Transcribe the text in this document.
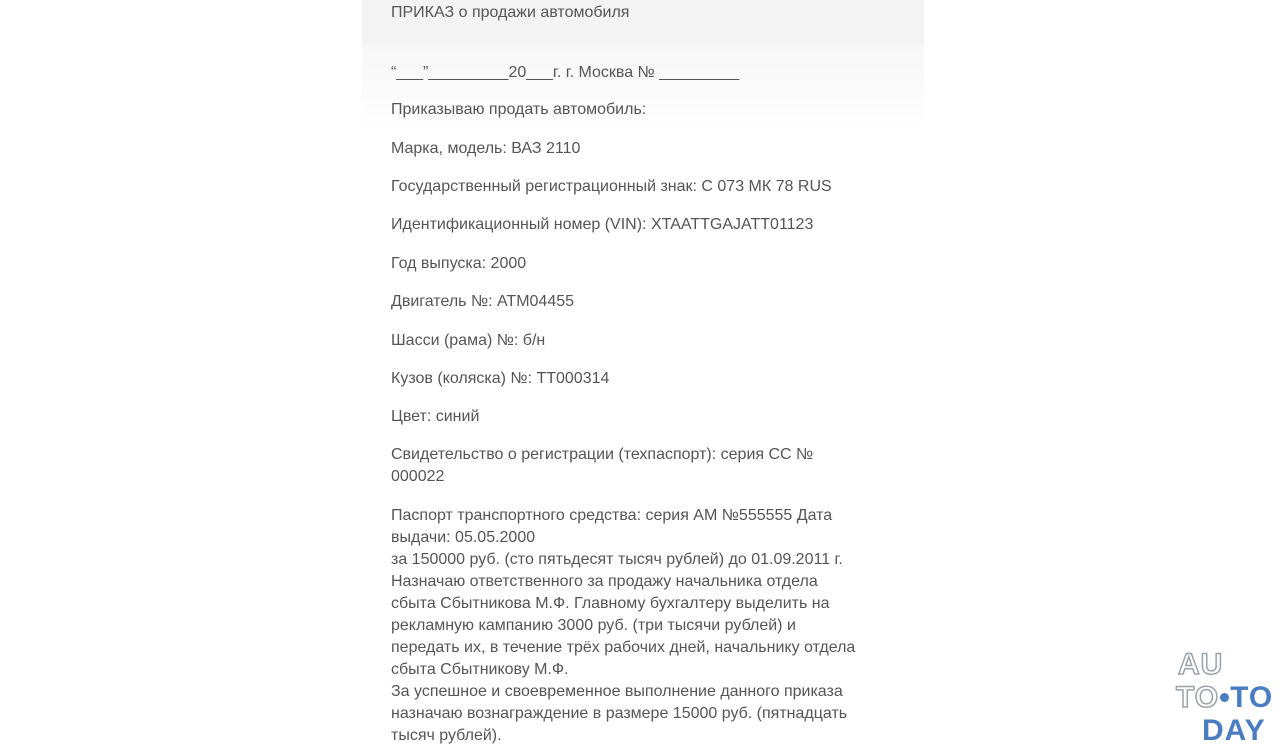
ПРИКАЗ о продажи автомобиля
“___”_________20___г. г. Москва № _________
Приказываю продать автомобиль:
Марка, модель: ВАЗ 2110
Государственный регистрационный знак: С 073 МК 78 RUS
Идентификационный номер (VIN): XTAATTGAJATT01123
Год выпуска: 2000
Двигатель №: АТМ04455
Шасси (рама) №: б/н
Кузов (коляска) №: ТТ000314
Цвет: синий
Свидетельство о регистрации (техпаспорт): серия СС №
000022
Паспорт транспортного средства: серия АМ №555555 Дата
выдачи: 05.05.2000
за 150000 руб. (сто пятьдесят тысяч рублей) до 01.09.2011 г.
Назначаю ответственного за продажу начальника отдела
сбыта Сбытникова М.Ф. Главному бухгалтеру выделить на
рекламную кампанию 3000 руб. (три тысячи рублей) и
передать их, в течение трёх рабочих дней, начальнику отдела
сбыта Сбытникову М.Ф.
За успешное и своевременное выполнение данного приказа
назначаю вознаграждение в размере 15000 руб. (пятнадцать
тысяч рублей).
AU
TO TO
DAY
